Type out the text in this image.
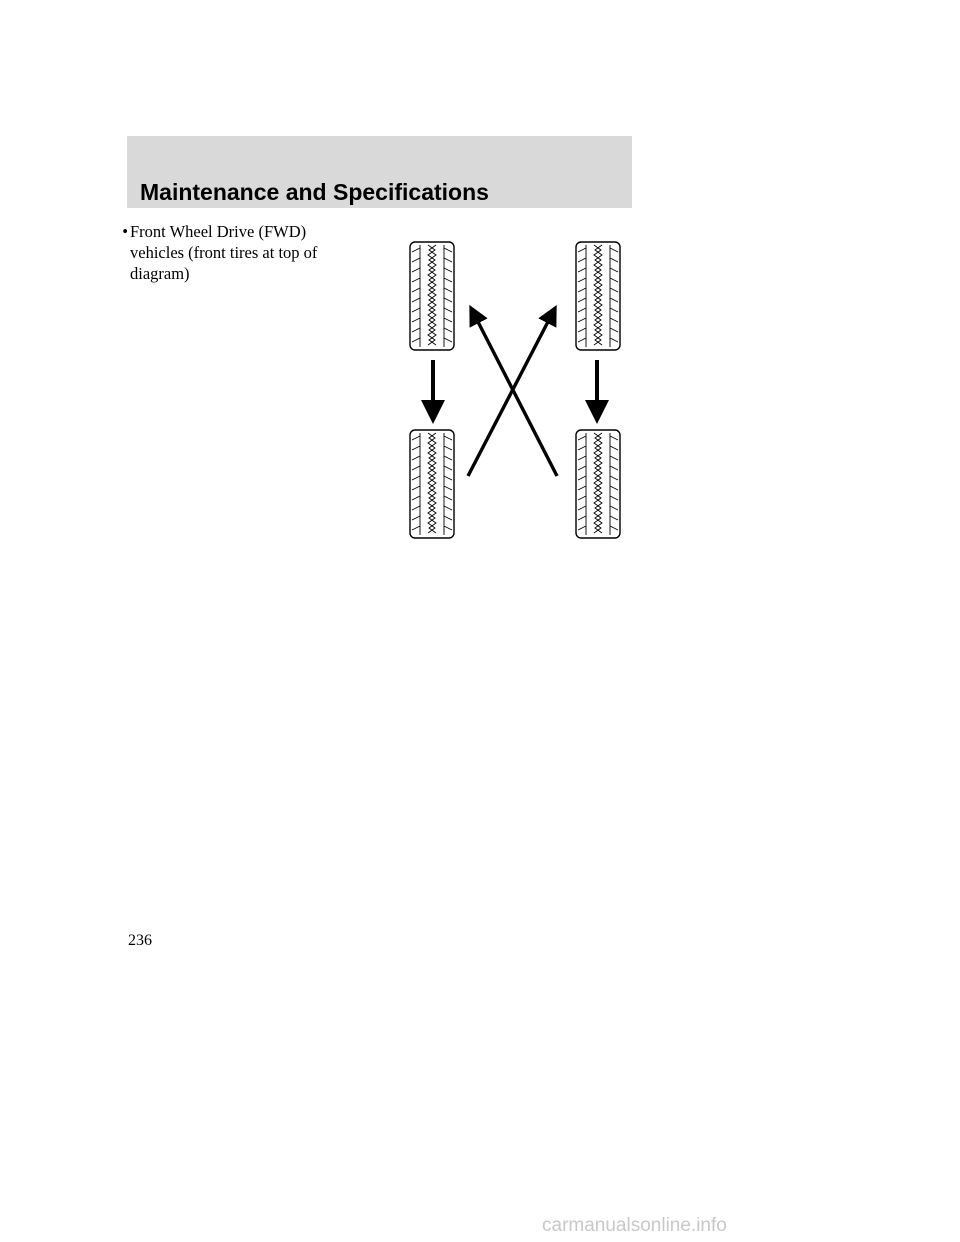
Maintenance and Specifications
• Front Wheel Drive (FWD)
vehicles (front tires at top of
diagram)
236
carmanualsonline.info
